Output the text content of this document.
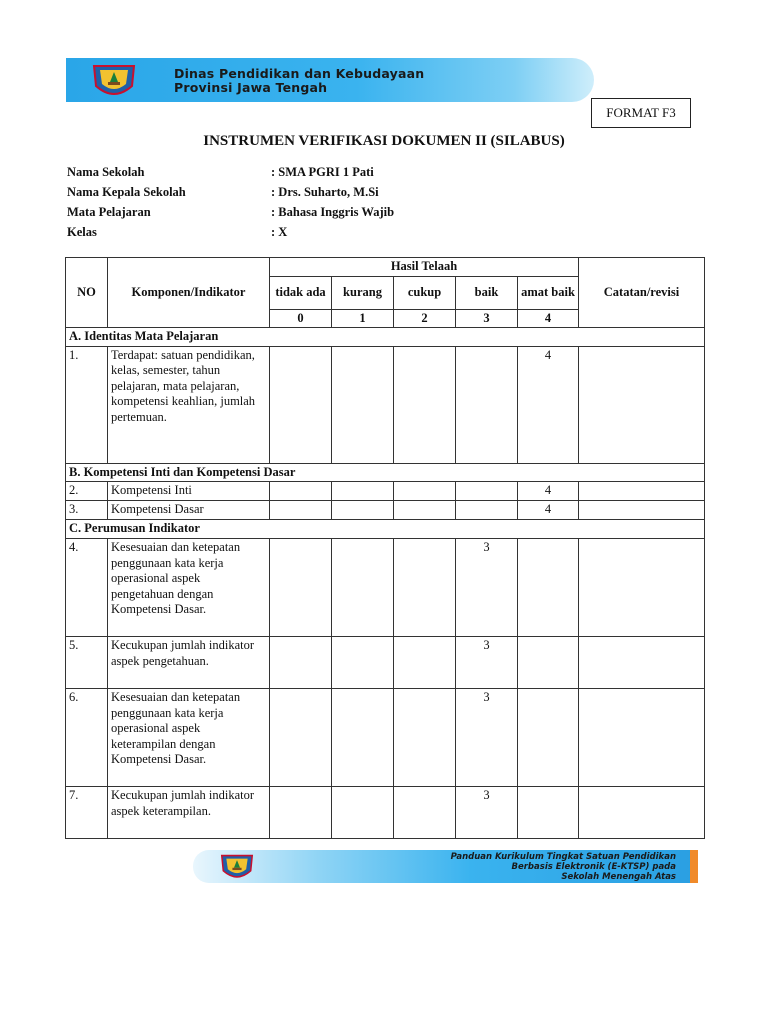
Dinas Pendidikan dan Kebudayaan
Provinsi Jawa Tengah
FORMAT F3
INSTRUMEN VERIFIKASI DOKUMEN II (SILABUS)
Nama Sekolah	: SMA PGRI 1 Pati
Nama Kepala Sekolah	: Drs. Suharto, M.Si
Mata Pelajaran	: Bahasa Inggris Wajib
Kelas	: X
NO	Komponen/Indikator	Hasil Telaah					Catatan/revisi
		tidak ada	kurang	cukup	baik	amat baik	
		0	1	2	3	4	
A. Identitas Mata Pelajaran							
1.	Terdapat: satuan pendidikan, kelas, semester, tahun pelajaran, mata pelajaran, kompetensi keahlian, jumlah pertemuan.					4	
B. Kompetensi Inti dan Kompetensi Dasar							
2.	Kompetensi Inti					4	
3.	Kompetensi Dasar					4	
C. Perumusan Indikator							
4.	Kesesuaian dan ketepatan penggunaan kata kerja operasional aspek pengetahuan dengan Kompetensi Dasar.				3		
5.	Kecukupan jumlah indikator aspek pengetahuan.				3		
6.	Kesesuaian dan ketepatan penggunaan kata kerja operasional aspek keterampilan dengan Kompetensi Dasar.				3		
7.	Kecukupan jumlah indikator aspek keterampilan.				3		
Panduan Kurikulum Tingkat Satuan Pendidikan
Berbasis Elektronik (E-KTSP) pada
Sekolah Menengah Atas
